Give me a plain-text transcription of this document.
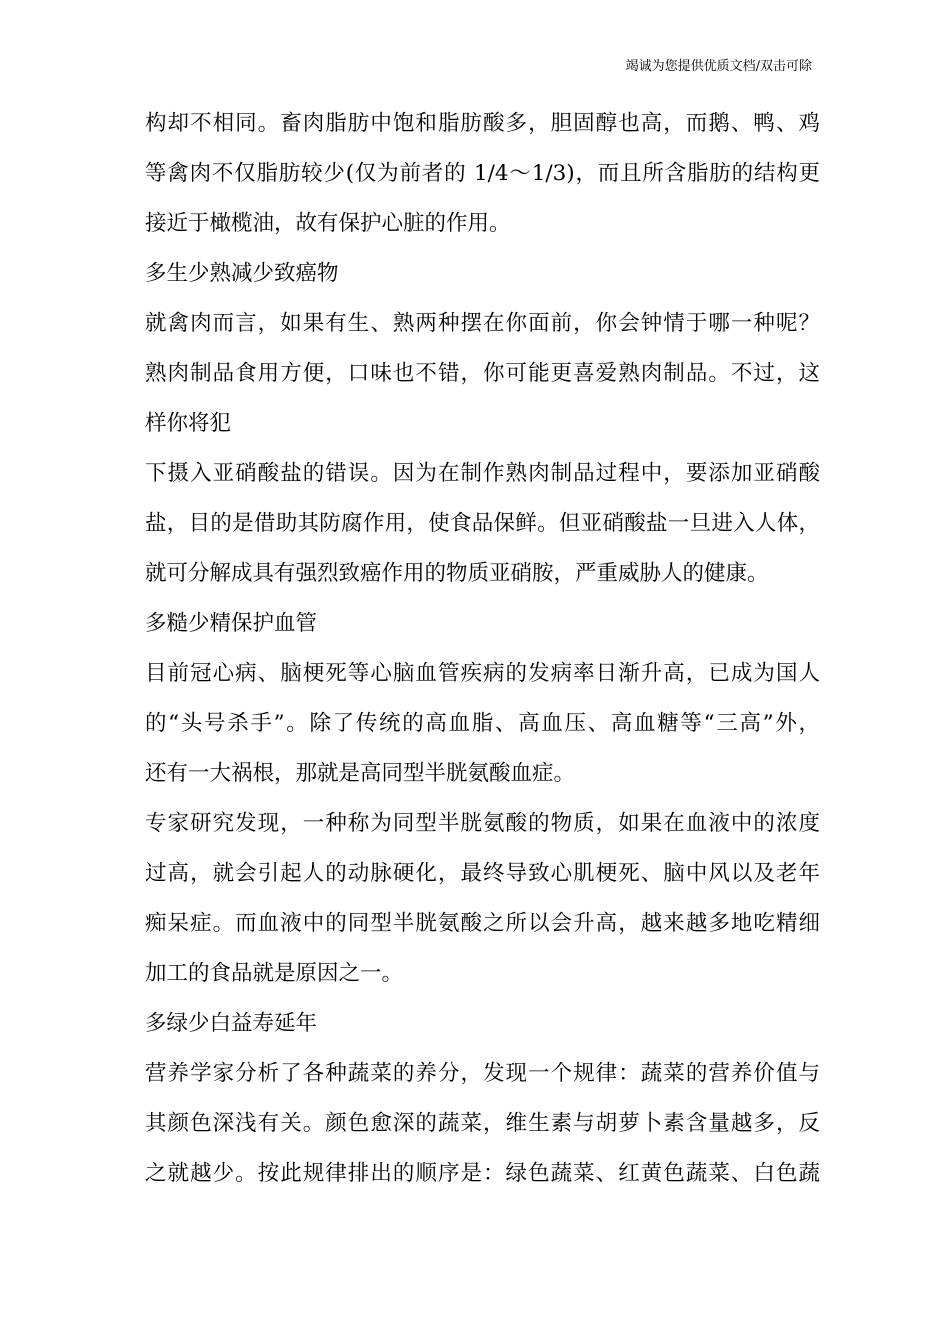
竭诚为您提供优质文档/双击可除
构却不相同。畜肉脂肪中饱和脂肪酸多，胆固醇也高，而鹅、鸭、鸡
等禽肉不仅脂肪较少(仅为前者的 1/4～1/3)，而且所含脂肪的结构更
接近于橄榄油，故有保护心脏的作用。
多生少熟减少致癌物
就禽肉而言，如果有生、熟两种摆在你面前，你会钟情于哪一种呢？
熟肉制品食用方便，口味也不错，你可能更喜爱熟肉制品。不过，这
样你将犯
下摄入亚硝酸盐的错误。因为在制作熟肉制品过程中，要添加亚硝酸
盐，目的是借助其防腐作用，使食品保鲜。但亚硝酸盐一旦进入人体，
就可分解成具有强烈致癌作用的物质亚硝胺，严重威胁人的健康。
多糙少精保护血管
目前冠心病、脑梗死等心脑血管疾病的发病率日渐升高，已成为国人
的“头号杀手”。除了传统的高血脂、高血压、高血糖等“三高”外，
还有一大祸根，那就是高同型半胱氨酸血症。
专家研究发现，一种称为同型半胱氨酸的物质，如果在血液中的浓度
过高，就会引起人的动脉硬化，最终导致心肌梗死、脑中风以及老年
痴呆症。而血液中的同型半胱氨酸之所以会升高，越来越多地吃精细
加工的食品就是原因之一。
多绿少白益寿延年
营养学家分析了各种蔬菜的养分，发现一个规律：蔬菜的营养价值与
其颜色深浅有关。颜色愈深的蔬菜，维生素与胡萝卜素含量越多，反
之就越少。按此规律排出的顺序是：绿色蔬菜、红黄色蔬菜、白色蔬
